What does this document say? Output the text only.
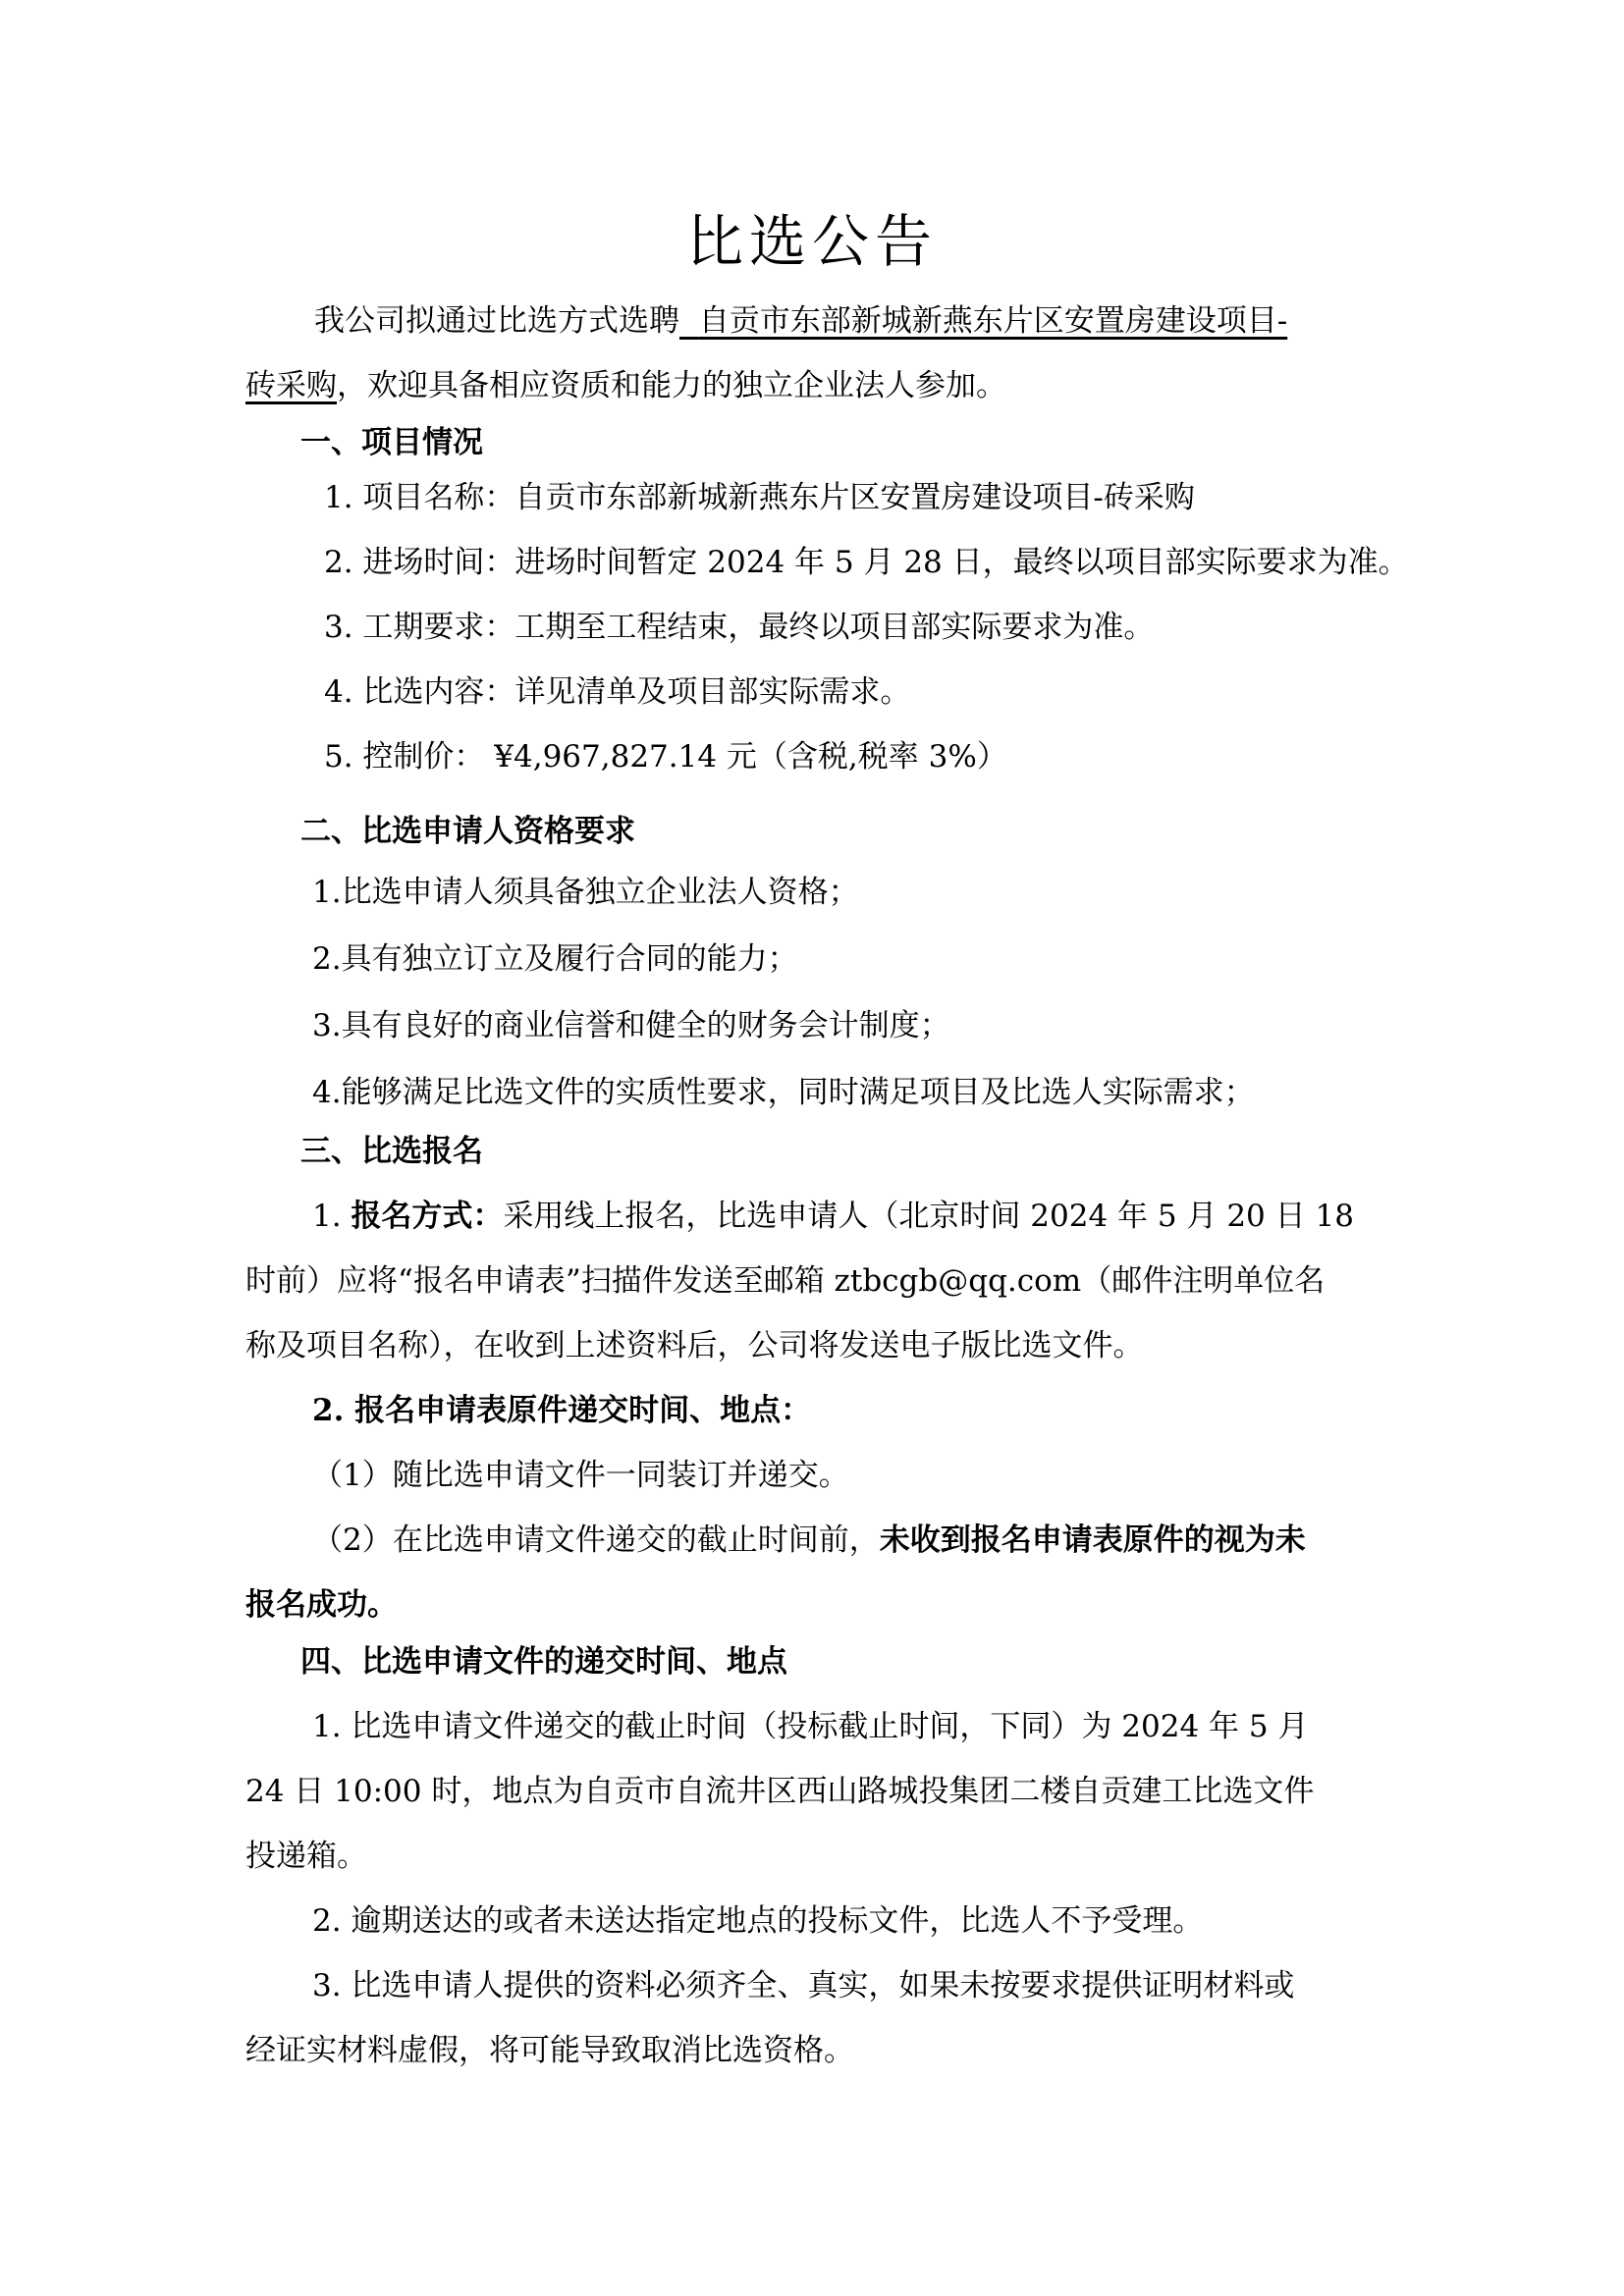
比选公告
我公司拟通过比选方式选聘 自贡市东部新城新燕东片区安置房建设项目-
砖采购，欢迎具备相应资质和能力的独立企业法人参加。
一、项目情况
1. 项目名称：自贡市东部新城新燕东片区安置房建设项目-砖采购
2. 进场时间：进场时间暂定 2024 年 5 月 28 日，最终以项目部实际要求为准。
3. 工期要求：工期至工程结束，最终以项目部实际要求为准。
4. 比选内容：详见清单及项目部实际需求。
5. 控制价： ¥4,967,827.14 元（含税,税率 3%）
二、比选申请人资格要求
1.比选申请人须具备独立企业法人资格；
2.具有独立订立及履行合同的能力；
3.具有良好的商业信誉和健全的财务会计制度；
4.能够满足比选文件的实质性要求，同时满足项目及比选人实际需求；
三、比选报名
1. 报名方式：采用线上报名，比选申请人（北京时间 2024 年 5 月 20 日 18
时前）应将“报名申请表”扫描件发送至邮箱 ztbcgb@qq.com（邮件注明单位名
称及项目名称），在收到上述资料后，公司将发送电子版比选文件。
2. 报名申请表原件递交时间、地点：
（1）随比选申请文件一同装订并递交。
（2）在比选申请文件递交的截止时间前，未收到报名申请表原件的视为未
报名成功。
四、比选申请文件的递交时间、地点
1. 比选申请文件递交的截止时间（投标截止时间，下同）为 2024 年 5 月
24 日 10:00 时，地点为自贡市自流井区西山路城投集团二楼自贡建工比选文件
投递箱。
2. 逾期送达的或者未送达指定地点的投标文件，比选人不予受理。
3. 比选申请人提供的资料必须齐全、真实，如果未按要求提供证明材料或
经证实材料虚假，将可能导致取消比选资格。
